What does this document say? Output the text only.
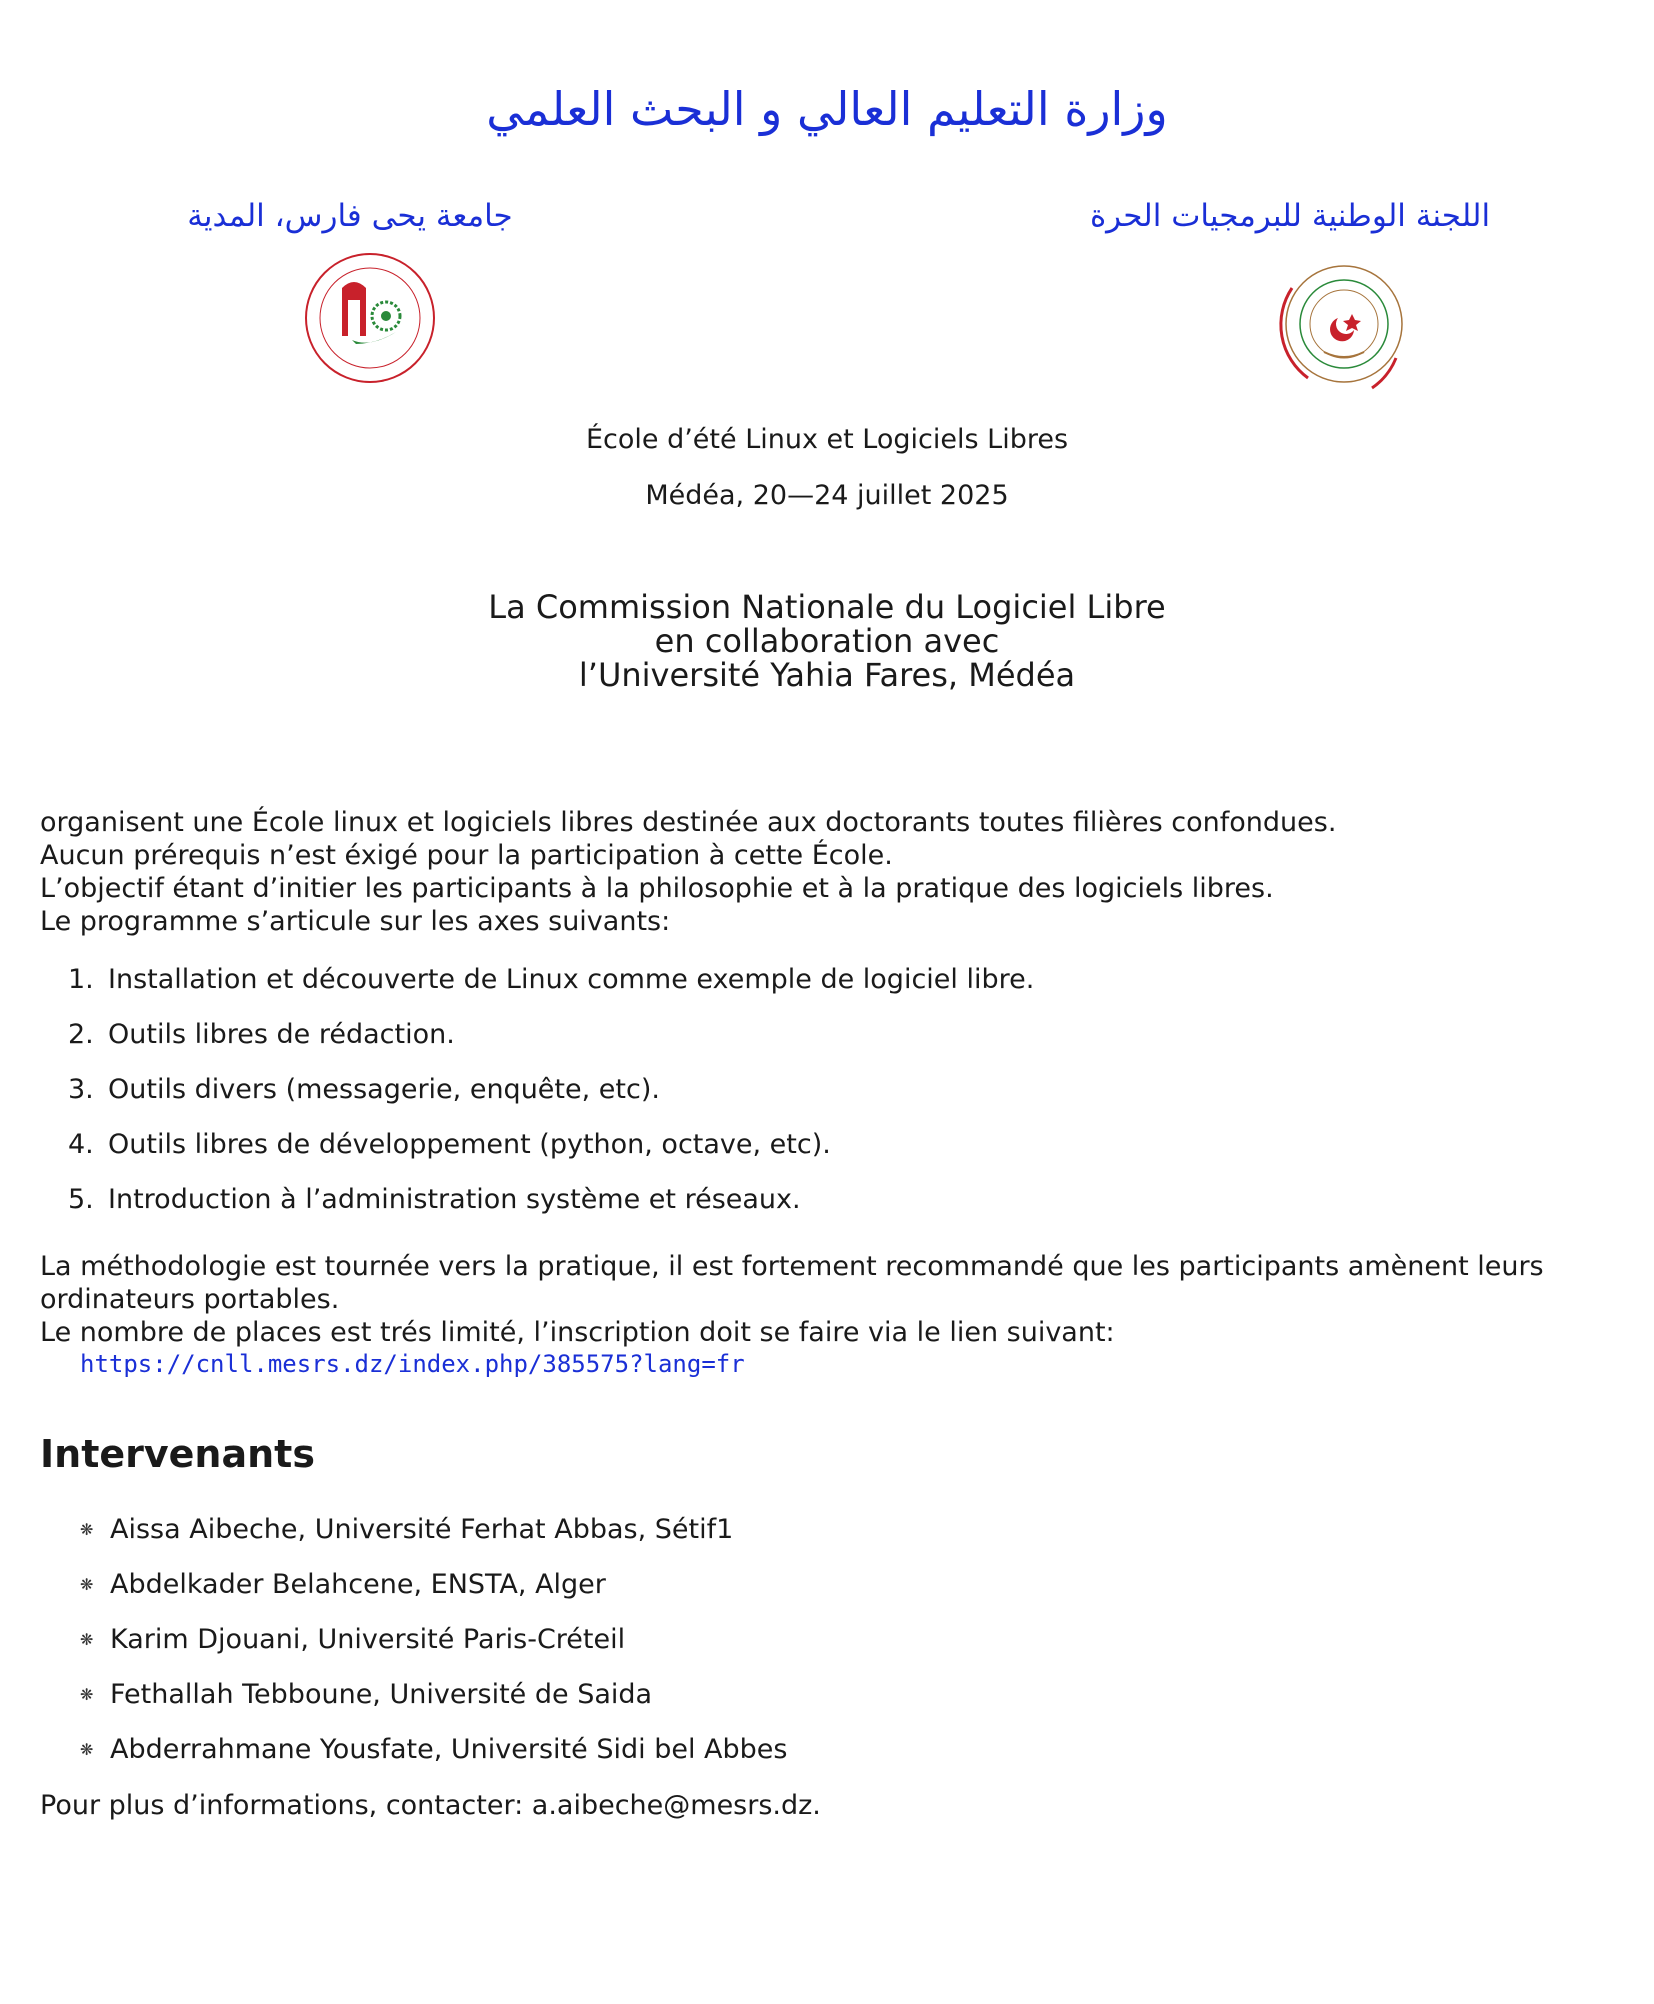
وزارة التعليم العالي و البحث العلمي
جامعة يحى فارس، المدية	اللجنة الوطنية للبرمجيات الحرة
École d’été Linux et Logiciels Libres
Médéa, 20—24 juillet 2025
La Commission Nationale du Logiciel Libre
en collaboration avec
l’Université Yahia Fares, Médéa
organisent une École linux et logiciels libres destinée aux doctorants toutes filières confondues.
Aucun prérequis n’est éxigé pour la participation à cette École.
L’objectif étant d’initier les participants à la philosophie et à la pratique des logiciels libres.
Le programme s’articule sur les axes suivants:
1. Installation et découverte de Linux comme exemple de logiciel libre.
2. Outils libres de rédaction.
3. Outils divers (messagerie, enquête, etc).
4. Outils libres de développement (python, octave, etc).
5. Introduction à l’administration système et réseaux.
La méthodologie est tournée vers la pratique, il est fortement recommandé que les participants amènent leurs
ordinateurs portables.
Le nombre de places est trés limité, l’inscription doit se faire via le lien suivant:
https://cnll.mesrs.dz/index.php/385575?lang=fr
Intervenants
❋ Aissa Aibeche, Université Ferhat Abbas, Sétif1
❋ Abdelkader Belahcene, ENSTA, Alger
❋ Karim Djouani, Université Paris-Créteil
❋ Fethallah Tebboune, Université de Saida
❋ Abderrahmane Yousfate, Université Sidi bel Abbes
Pour plus d’informations, contacter: a.aibeche@mesrs.dz.
